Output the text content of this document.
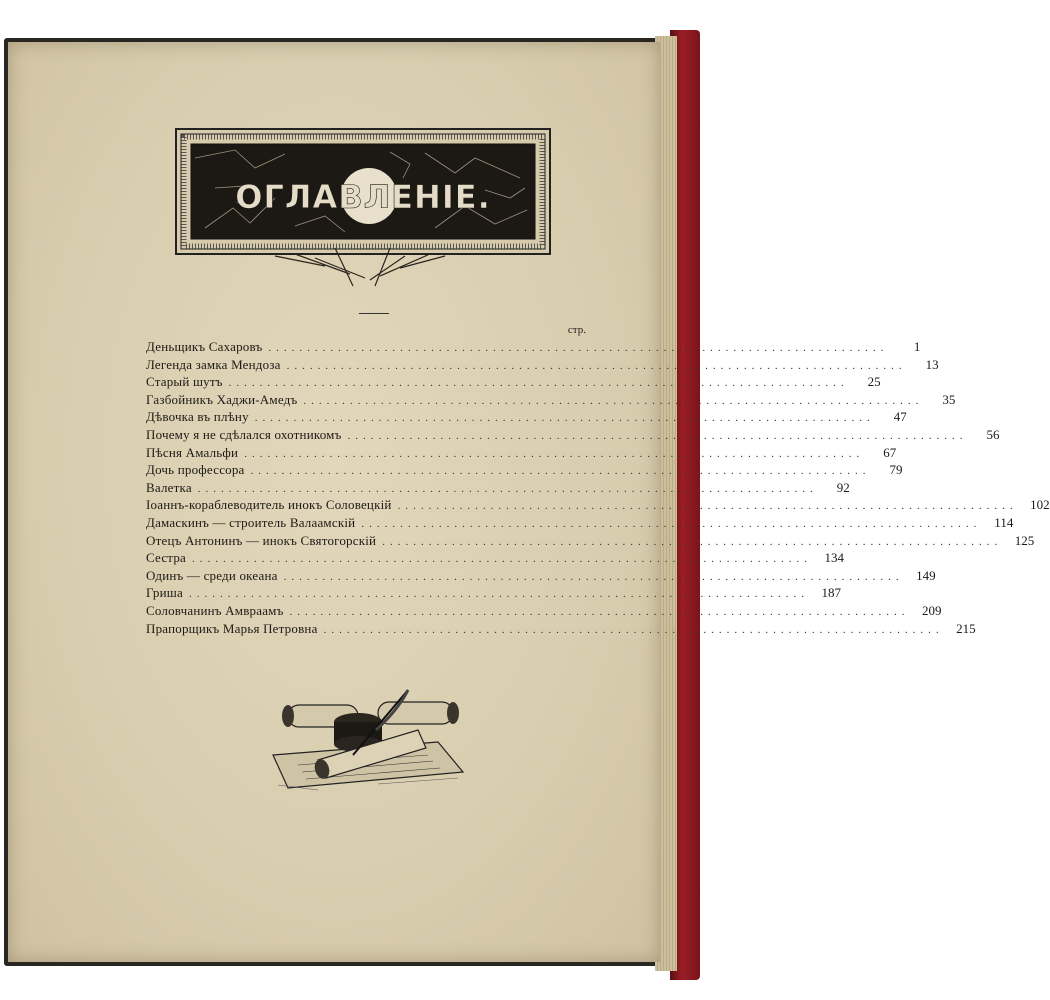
ОГЛАВЛЕНІЕ.
стр.
Деньщикъ Сахаровъ ................................................................................	1
Легенда замка Мендоза ................................................................................	13
Старый шутъ ................................................................................	25
Газбойникъ Хаджи-Амедъ ................................................................................	35
Дѣвочка въ плѣну ................................................................................	47
Почему я не сдѣлался охотникомъ ................................................................................	56
Пѣсня Амальфи ................................................................................	67
Дочь профессора ................................................................................	79
Валетка ................................................................................	92
Іоаннъ-кораблеводитель инокъ Соловецкій ................................................................................ 102
Дамаскинъ — строитель Валаамскій ................................................................................ 114
Отецъ Антонинъ — инокъ Святогорскій ................................................................................ 125
Сестра ................................................................................ 134
Одинъ — среди океана ................................................................................ 149
Гриша ................................................................................ 187
Соловчанинъ Амвраамъ ................................................................................ 209
Прапорщикъ Марья Петровна ................................................................................ 215
